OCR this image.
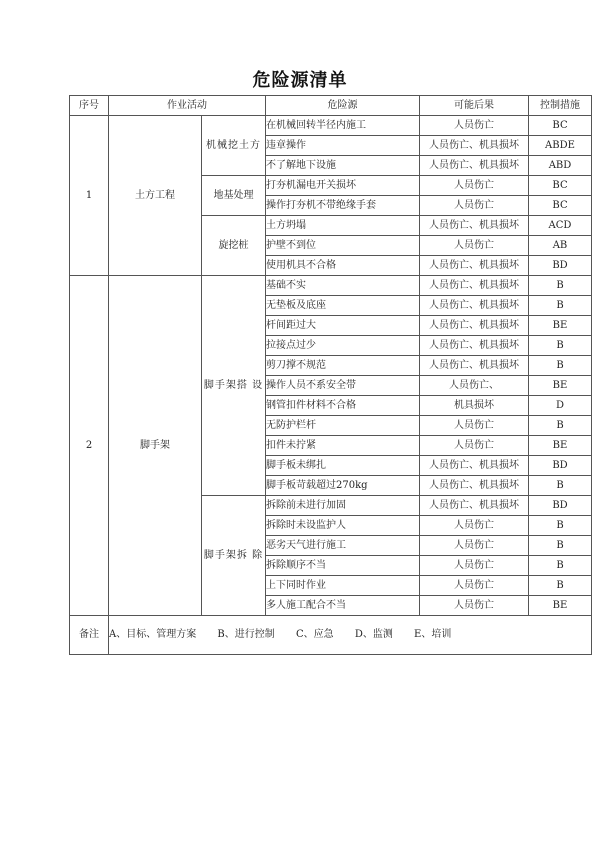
危险源清单
序号	作业活动		危险源	可能后果	控制措施
1	土方工程	机械挖土方	在机械回转半径内施工	人员伤亡	BC
			违章操作	人员伤亡、机具损坏	ABDE
			不了解地下设施	人员伤亡、机具损坏	ABD
		地基处理	打夯机漏电开关损坏	人员伤亡	BC
			操作打夯机不带绝缘手套	人员伤亡	BC
		旋挖桩	土方坍塌	人员伤亡、机具损坏	ACD
			护壁不到位	人员伤亡	AB
			使用机具不合格	人员伤亡、机具损坏	BD
2	脚手架	脚手架搭 设	基础不实	人员伤亡、机具损坏	B
			无垫板及底座	人员伤亡、机具损坏	B
			杆间距过大	人员伤亡、机具损坏	BE
			拉接点过少	人员伤亡、机具损坏	B
			剪刀撑不规范	人员伤亡、机具损坏	B
			操作人员不系安全带	人员伤亡、	BE
			钢管扣件材料不合格	机具损坏	D
			无防护栏杆	人员伤亡	B
			扣件未拧紧	人员伤亡	BE
			脚手板未绑扎	人员伤亡、机具损坏	BD
			脚手板苛载超过270kg	人员伤亡、机具损坏	B
		脚手架拆 除	拆除前未进行加固	人员伤亡、机具损坏	BD
			拆除时未设监护人	人员伤亡	B
			恶劣天气进行施工	人员伤亡	B
			拆除顺序不当	人员伤亡	B
			上下同时作业	人员伤亡	B
			多人施工配合不当	人员伤亡	BE
备注	A、目标、管理方案 B、进行控制 C、应急 D、监测 E、培训				
